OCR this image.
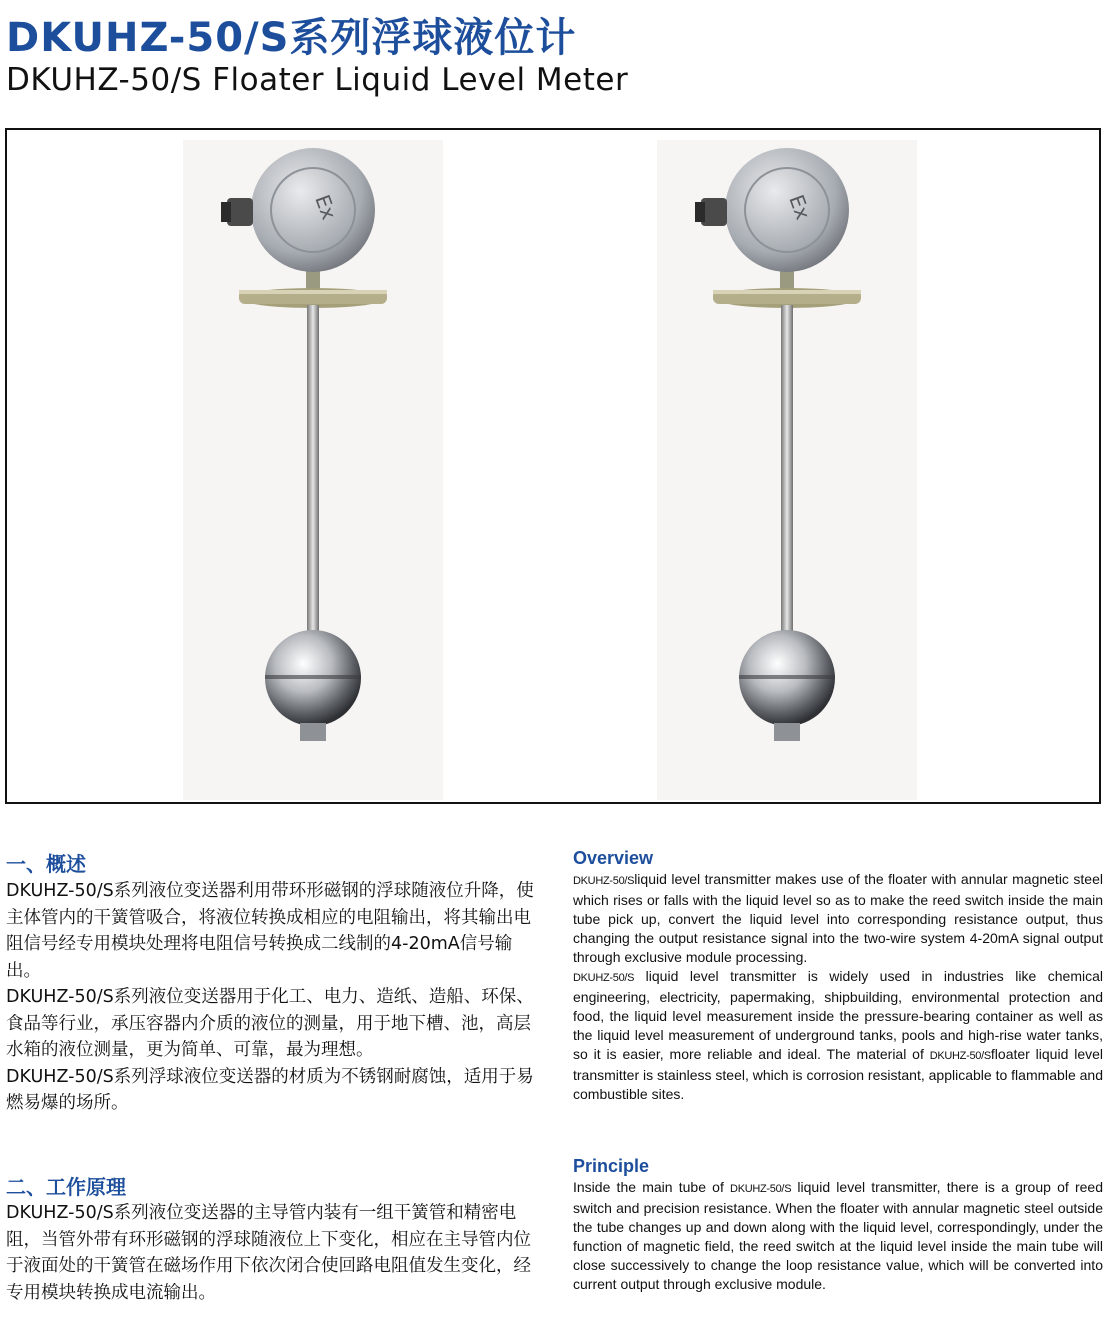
DKUHZ-50/S系列浮球液位计
DKUHZ-50/S Floater Liquid Level Meter
Ex	Ex
一、概述

DKUHZ-50/S系列液位变送器利用带环形磁钢的浮球随液位升降，使主体管内的干簧管吸合，将液位转换成相应的电阻输出，将其输出电阻信号经专用模块处理将电阻信号转换成二线制的4-20mA信号输出。

DKUHZ-50/S系列液位变送器用于化工、电力、造纸、造船、环保、食品等行业，承压容器内介质的液位的测量，用于地下槽、池，高层水箱的液位测量，更为简单、可靠，最为理想。

DKUHZ-50/S系列浮球液位变送器的材质为不锈钢耐腐蚀，适用于易燃易爆的场所。

二、工作原理

DKUHZ-50/S系列液位变送器的主导管内装有一组干簧管和精密电阻，当管外带有环形磁钢的浮球随液位上下变化，相应在主导管内位于液面处的干簧管在磁场作用下依次闭合使回路电阻值发生变化，经专用模块转换成电流输出。

Overview

DKUHZ-50/Sliquid level transmitter makes use of the floater with annular magnetic steel which rises or falls with the liquid level so as to make the reed switch inside the main tube pick up, convert the liquid level into corresponding resistance output, thus changing the output resistance signal into the two-wire system 4-20mA signal output through exclusive module processing.

DKUHZ-50/S liquid level transmitter is widely used in industries like chemical engineering, electricity, papermaking, shipbuilding, environmental protection and food, the liquid level measurement inside the pressure-bearing container as well as the liquid level measurement of underground tanks, pools and high-rise water tanks, so it is easier, more reliable and ideal. The material of DKUHZ-50/Sfloater liquid level transmitter is stainless steel, which is corrosion resistant, applicable to flammable and combustible sites.

Principle

Inside the main tube of DKUHZ-50/S liquid level transmitter, there is a group of reed switch and precision resistance. When the floater with annular magnetic steel outside the tube changes up and down along with the liquid level, correspondingly, under the function of magnetic field, the reed switch at the liquid level inside the main tube will close successively to change the loop resistance value, which will be converted into current output through exclusive module.
